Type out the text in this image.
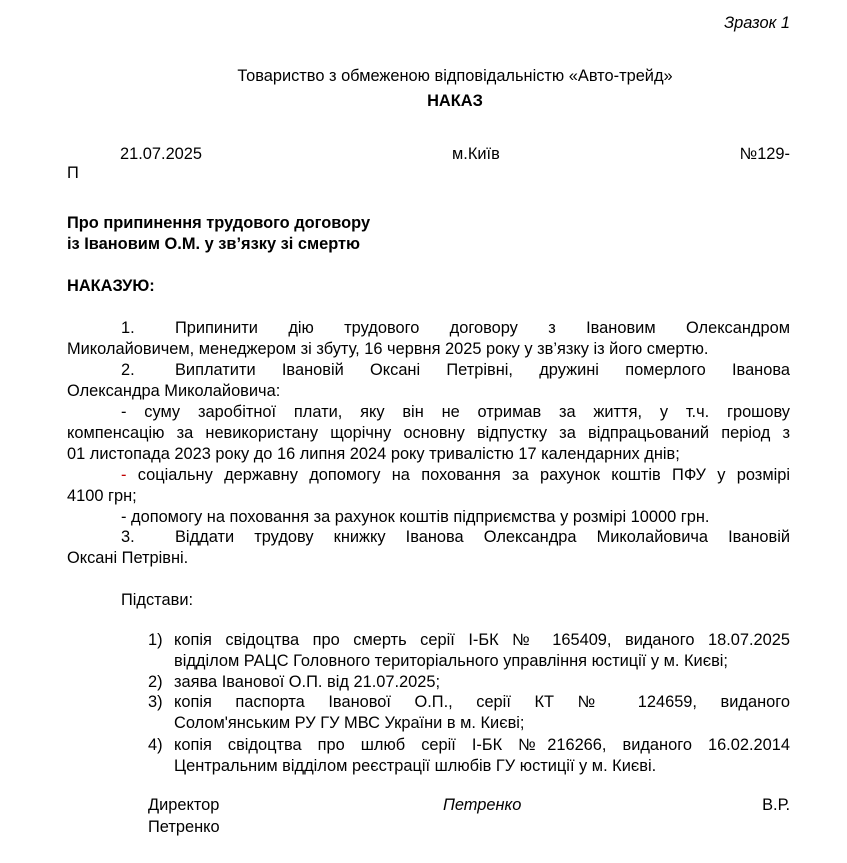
Зразок 1
Товариство з обмеженою відповідальністю «Авто-трейд»
НАКАЗ
21.07.2025	м.Київ	№129-
П
Про припинення трудового договору
із Івановим О.М. у зв’язку зі смертю
НАКАЗУЮ:
1. Припинити дію трудового договору з Івановим Олександром
Миколайовичем, менеджером зі збуту, 16 червня 2025 року у зв’язку із його смертю.
2. Виплатити Івановій Оксані Петрівні, дружині померлого Іванова
Олександра Миколайовича:
- суму заробітної плати, яку він не отримав за життя, у т.ч. грошову
компенсацію за невикористану щорічну основну відпустку за відпрацьований період з
01 листопада 2023 року до 16 липня 2024 року тривалістю 17 календарних днів;
- соціальну державну допомогу на поховання за рахунок коштів ПФУ у розмірі
4100 грн;
- допомогу на поховання за рахунок коштів підприємства у розмірі 10000 грн.
3. Віддати трудову книжку Іванова Олександра Миколайовича Івановій
Оксані Петрівні.
Підстави:
1) копія свідоцтва про смерть серії І-БК № 165409, виданого 18.07.2025
відділом РАЦС Головного територіального управління юстиції у м. Києві;
2) заява Іванової О.П. від 21.07.2025;
3) копія паспорта Іванової О.П., серії КТ № 124659, виданого
Солом'янським РУ ГУ МВС України в м. Києві;
4) копія свідоцтва про шлюб серії І-БК №216266, виданого 16.02.2014
Центральним відділом реєстрації шлюбів ГУ юстиції у м. Києві.
Директор	Петренко	В.Р.
Петренко
